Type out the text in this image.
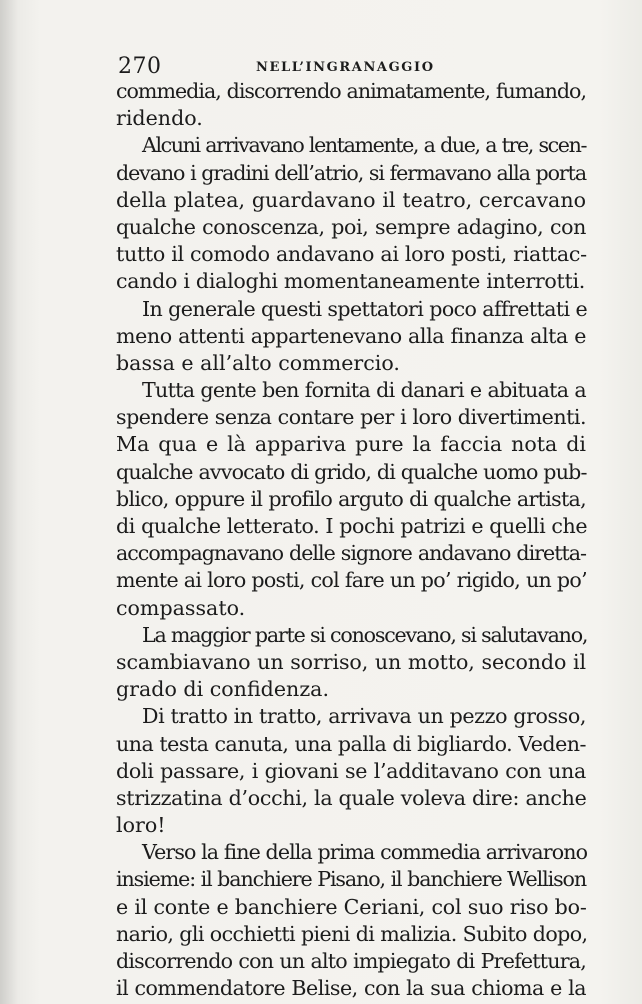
270	NELL’INGRANAGGIO
commedia, discorrendo animatamente, fumando,
ridendo.
Alcuni arrivavano lentamente, a due, a tre, scen-
devano i gradini dell’atrio, si fermavano alla porta
della platea, guardavano il teatro, cercavano
qualche conoscenza, poi, sempre adagino, con
tutto il comodo andavano ai loro posti, riattac-
cando i dialoghi momentaneamente interrotti.
In generale questi spettatori poco affrettati e
meno attenti appartenevano alla finanza alta e
bassa e all’alto commercio.
Tutta gente ben fornita di danari e abituata a
spendere senza contare per i loro divertimenti.
Ma qua e là appariva pure la faccia nota di
qualche avvocato di grido, di qualche uomo pub-
blico, oppure il profilo arguto di qualche artista,
di qualche letterato. I pochi patrizi e quelli che
accompagnavano delle signore andavano diretta-
mente ai loro posti, col fare un po’ rigido, un po’
compassato.
La maggior parte si conoscevano, si salutavano,
scambiavano un sorriso, un motto, secondo il
grado di confidenza.
Di tratto in tratto, arrivava un pezzo grosso,
una testa canuta, una palla di bigliardo. Veden-
doli passare, i giovani se l’additavano con una
strizzatina d’occhi, la quale voleva dire: anche
loro!
Verso la fine della prima commedia arrivarono
insieme: il banchiere Pisano, il banchiere Wellison
e il conte e banchiere Ceriani, col suo riso bo-
nario, gli occhietti pieni di malizia. Subito dopo,
discorrendo con un alto impiegato di Prefettura,
il commendatore Belise, con la sua chioma e la
